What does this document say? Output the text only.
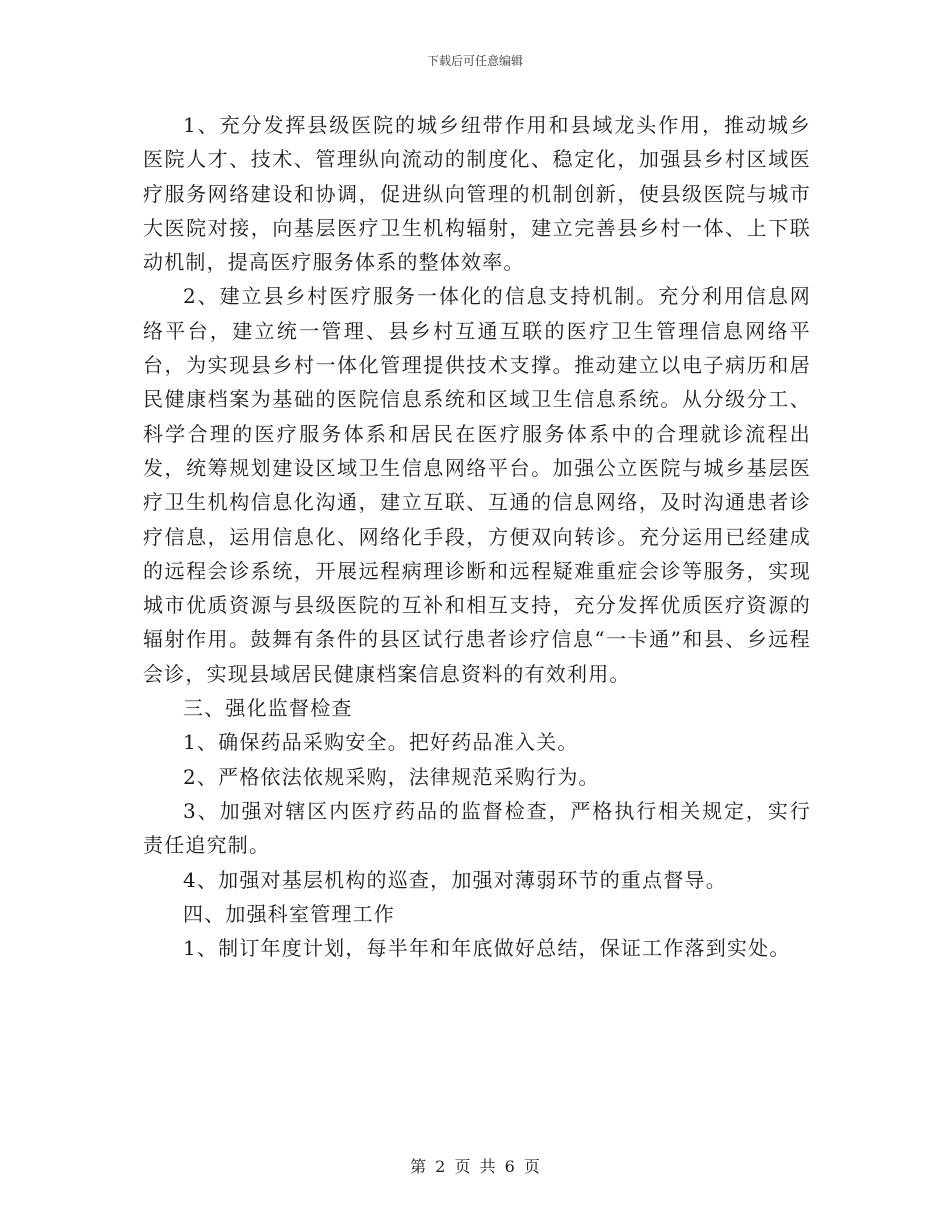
下载后可任意编辑

1、充分发挥县级医院的城乡纽带作用和县域龙头作用，推动城乡医院人才、技术、管理纵向流动的制度化、稳定化，加强县乡村区域医疗服务网络建设和协调，促进纵向管理的机制创新，使县级医院与城市大医院对接，向基层医疗卫生机构辐射，建立完善县乡村一体、上下联动机制，提高医疗服务体系的整体效率。

2、建立县乡村医疗服务一体化的信息支持机制。充分利用信息网络平台，建立统一管理、县乡村互通互联的医疗卫生管理信息网络平台，为实现县乡村一体化管理提供技术支撑。推动建立以电子病历和居民健康档案为基础的医院信息系统和区域卫生信息系统。从分级分工、科学合理的医疗服务体系和居民在医疗服务体系中的合理就诊流程出发，统筹规划建设区域卫生信息网络平台。加强公立医院与城乡基层医疗卫生机构信息化沟通，建立互联、互通的信息网络，及时沟通患者诊疗信息，运用信息化、网络化手段，方便双向转诊。充分运用已经建成的远程会诊系统，开展远程病理诊断和远程疑难重症会诊等服务，实现城市优质资源与县级医院的互补和相互支持，充分发挥优质医疗资源的辐射作用。鼓舞有条件的县区试行患者诊疗信息“一卡通”和县、乡远程会诊，实现县域居民健康档案信息资料的有效利用。

三、强化监督检查

1、确保药品采购安全。把好药品准入关。

2、严格依法依规采购，法律规范采购行为。

3、加强对辖区内医疗药品的监督检查，严格执行相关规定，实行责任追究制。

4、加强对基层机构的巡查，加强对薄弱环节的重点督导。

四、加强科室管理工作

1、制订年度计划，每半年和年底做好总结，保证工作落到实处。

第 2 页 共 6 页
